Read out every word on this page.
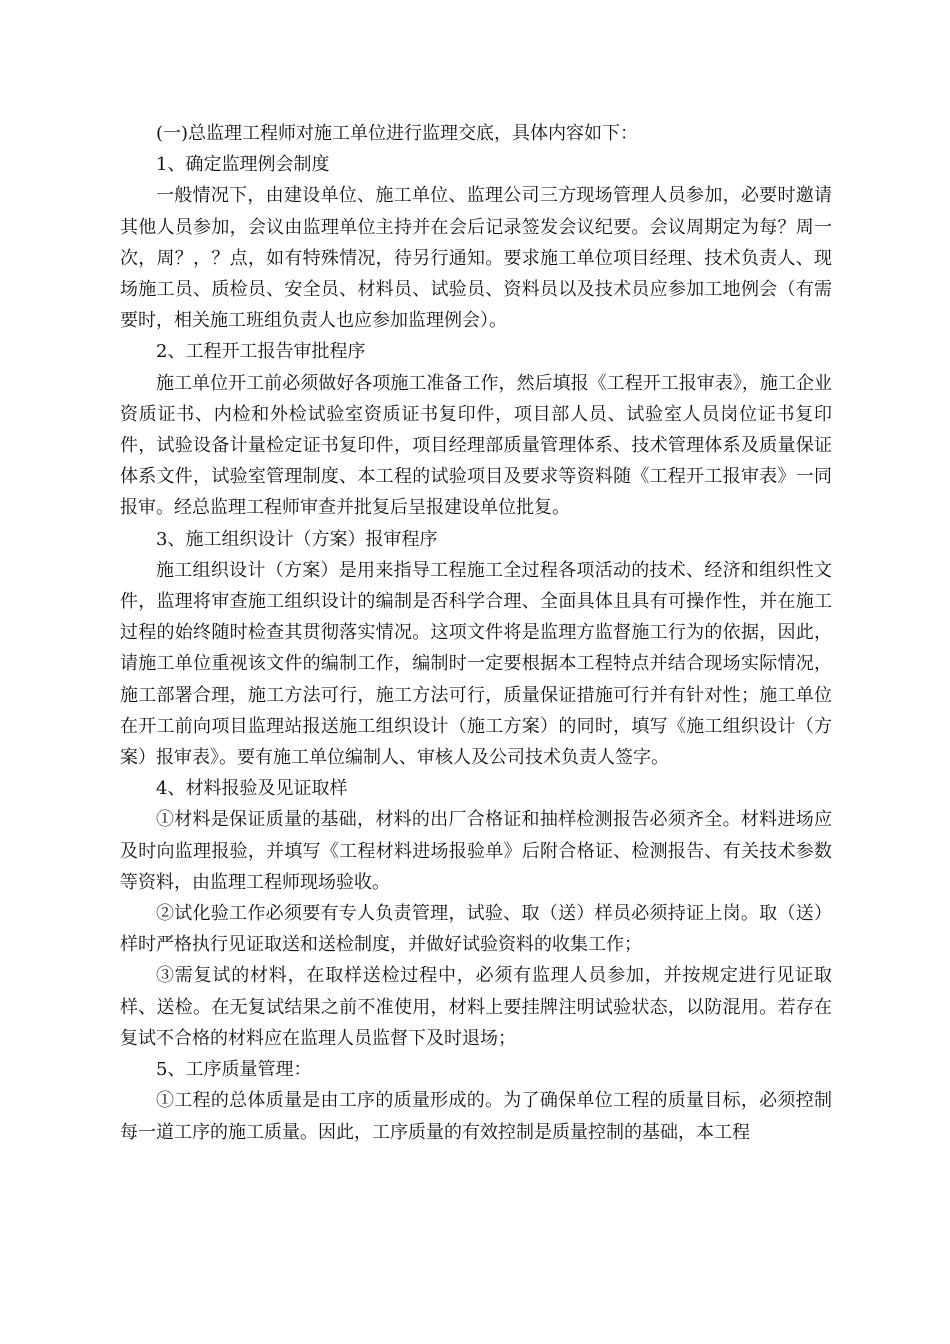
(一)总监理工程师对施工单位进行监理交底，具体内容如下：

1、确定监理例会制度

一般情况下，由建设单位、施工单位、监理公司三方现场管理人员参加，必要时邀请其他人员参加，会议由监理单位主持并在会后记录签发会议纪要。会议周期定为每？周一次，周？，？点，如有特殊情况，待另行通知。要求施工单位项目经理、技术负责人、现场施工员、质检员、安全员、材料员、试验员、资料员以及技术员应参加工地例会（有需要时，相关施工班组负责人也应参加监理例会）。

2、工程开工报告审批程序

施工单位开工前必须做好各项施工准备工作，然后填报《工程开工报审表》，施工企业资质证书、内检和外检试验室资质证书复印件，项目部人员、试验室人员岗位证书复印件，试验设备计量检定证书复印件，项目经理部质量管理体系、技术管理体系及质量保证体系文件，试验室管理制度、本工程的试验项目及要求等资料随《工程开工报审表》一同报审。经总监理工程师审查并批复后呈报建设单位批复。

3、施工组织设计（方案）报审程序

施工组织设计（方案）是用来指导工程施工全过程各项活动的技术、经济和组织性文件，监理将审查施工组织设计的编制是否科学合理、全面具体且具有可操作性，并在施工过程的始终随时检查其贯彻落实情况。这项文件将是监理方监督施工行为的依据，因此，请施工单位重视该文件的编制工作，编制时一定要根据本工程特点并结合现场实际情况，施工部署合理，施工方法可行，施工方法可行，质量保证措施可行并有针对性；施工单位在开工前向项目监理站报送施工组织设计（施工方案）的同时，填写《施工组织设计（方案）报审表》。要有施工单位编制人、审核人及公司技术负责人签字。

4、材料报验及见证取样

①材料是保证质量的基础，材料的出厂合格证和抽样检测报告必须齐全。材料进场应及时向监理报验，并填写《工程材料进场报验单》后附合格证、检测报告、有关技术参数等资料，由监理工程师现场验收。

②试化验工作必须要有专人负责管理，试验、取（送）样员必须持证上岗。取（送）样时严格执行见证取送和送检制度，并做好试验资料的收集工作；

③需复试的材料，在取样送检过程中，必须有监理人员参加，并按规定进行见证取样、送检。在无复试结果之前不准使用，材料上要挂牌注明试验状态，以防混用。若存在复试不合格的材料应在监理人员监督下及时退场；

5、工序质量管理：

①工程的总体质量是由工序的质量形成的。为了确保单位工程的质量目标，必须控制每一道工序的施工质量。因此，工序质量的有效控制是质量控制的基础，本工程
